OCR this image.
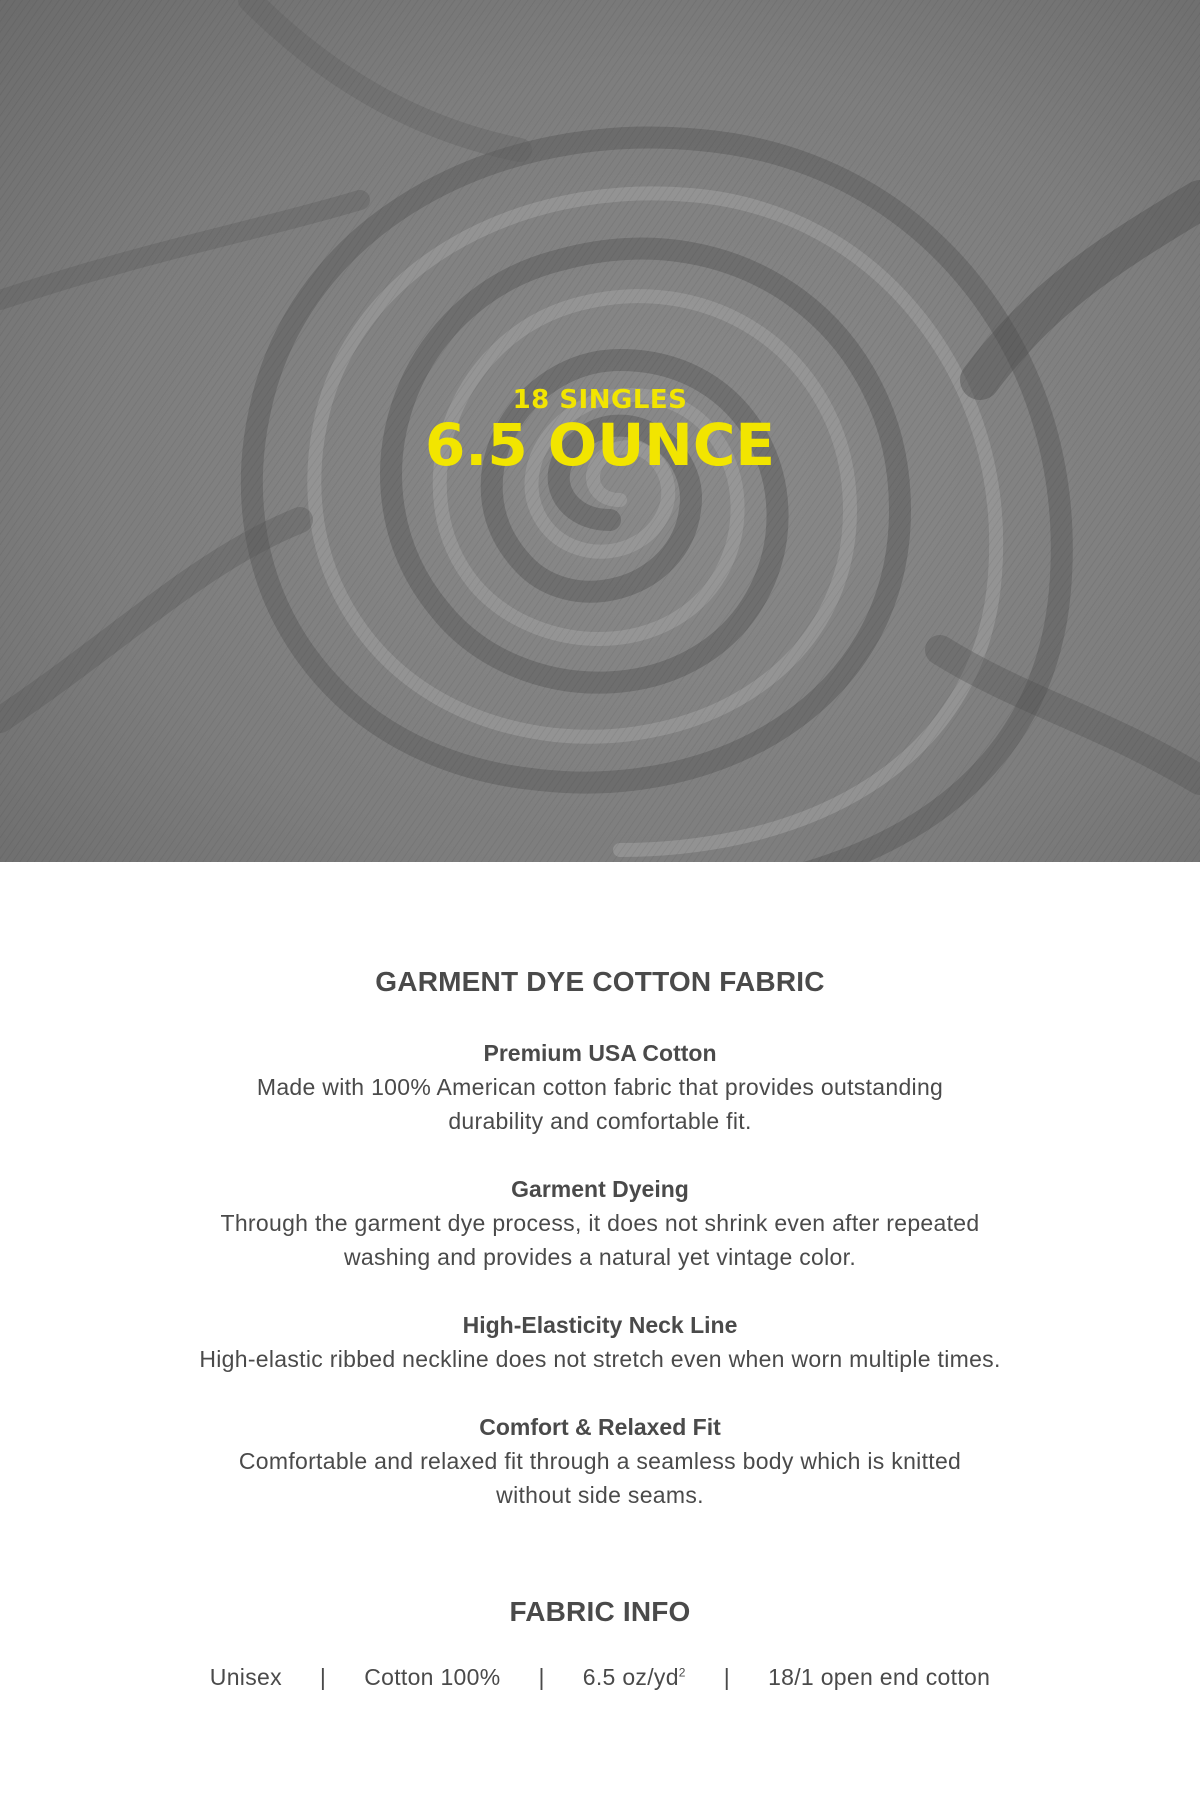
18 SINGLES
6.5 OUNCE
GARMENT DYE COTTON FABRIC
Premium USA Cotton
Made with 100% American cotton fabric that provides outstanding
durability and comfortable fit.
Garment Dyeing
Through the garment dye process, it does not shrink even after repeated
washing and provides a natural yet vintage color.
High-Elasticity Neck Line
High-elastic ribbed neckline does not stretch even when worn multiple times.
Comfort & Relaxed Fit
Comfortable and relaxed fit through a seamless body which is knitted
without side seams.
FABRIC INFO
Unisex | Cotton 100% | 6.5 $oz/yd^2$ | 18/1 open end cotton
